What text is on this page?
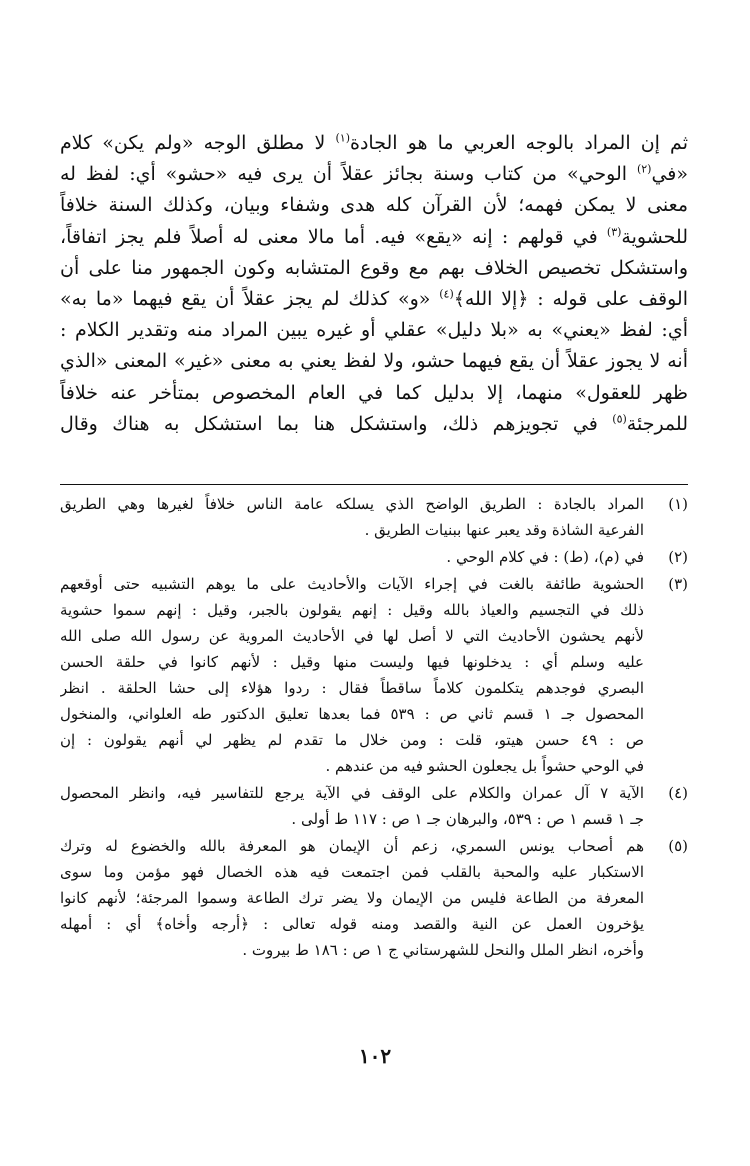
ثم إن المراد بالوجه العربي ما هو الجادة$^{(١)}$ لا مطلق الوجه «ولم يكن» كلام
«في$^{(٢)}$ الوحي» من كتاب وسنة بجائز عقلاً أن يرى فيه «حشو» أي: لفظ له
معنى لا يمكن فهمه؛ لأن القرآن كله هدى وشفاء وبيان، وكذلك السنة خلافاً
للحشوية$^{(٣)}$ في قولهم : إنه «يقع» فيه. أما مالا معنى له أصلاً فلم يجز اتفاقاً،
واستشكل تخصيص الخلاف بهم مع وقوع المتشابه وكون الجمهور منا على أن
الوقف على قوله : ﴿إلا الله﴾$^{(٤)}$ «و» كذلك لم يجز عقلاً أن يقع فيهما «ما به»
أي: لفظ «يعني» به «بلا دليل» عقلي أو غيره يبين المراد منه وتقدير الكلام :
أنه لا يجوز عقلاً أن يقع فيهما حشو، ولا لفظ يعني به معنى «غير» المعنى «الذي
ظهر للعقول» منهما، إلا بدليل كما في العام المخصوص بمتأخر عنه خلافاً
للمرجئة$^{(٥)}$ في تجويزهم ذلك، واستشكل هنا بما استشكل به هناك وقال
(١)
المراد بالجادة : الطريق الواضح الذي يسلكه عامة الناس خلافاً لغيرها وهي الطريق
الفرعية الشاذة وقد يعبر عنها ببنيات الطريق .
(٢)
في (م)، (ط) : في كلام الوحي .
(٣)
الحشوية طائفة بالغت في إجراء الآيات والأحاديث على ما يوهم التشبيه حتى أوقعهم
ذلك في التجسيم والعياذ بالله وقيل : إنهم يقولون بالجبر، وقيل : إنهم سموا حشوية
لأنهم يحشون الأحاديث التي لا أصل لها في الأحاديث المروية عن رسول الله صلى الله
عليه وسلم أي : يدخلونها فيها وليست منها وقيل : لأنهم كانوا في حلقة الحسن
البصري فوجدهم يتكلمون كلاماً ساقطاً فقال : ردوا هؤلاء إلى حشا الحلقة . انظر
المحصول جـ ١ قسم ثاني ص : ٥٣٩ فما بعدها تعليق الدكتور طه العلواني، والمنخول
ص : ٤٩ حسن هيتو، قلت : ومن خلال ما تقدم لم يظهر لي أنهم يقولون : إن
في الوحي حشواً بل يجعلون الحشو فيه من عندهم .
(٤)
الآية ٧ آل عمران والكلام على الوقف في الآية يرجع للتفاسير فيه، وانظر المحصول
جـ ١ قسم ١ ص : ٥٣٩، والبرهان جـ ١ ص : ١١٧ ط أولى .
(٥)
هم أصحاب يونس السمري، زعم أن الإيمان هو المعرفة بالله والخضوع له وترك
الاستكبار عليه والمحبة بالقلب فمن اجتمعت فيه هذه الخصال فهو مؤمن وما سوى
المعرفة من الطاعة فليس من الإيمان ولا يضر ترك الطاعة وسموا المرجئة؛ لأنهم كانوا
يؤخرون العمل عن النية والقصد ومنه قوله تعالى : ﴿أرجه وأخاه﴾ أي : أمهله
وأخره، انظر الملل والنحل للشهرستاني ج ١ ص : ١٨٦ ط بيروت .
١٠٢
